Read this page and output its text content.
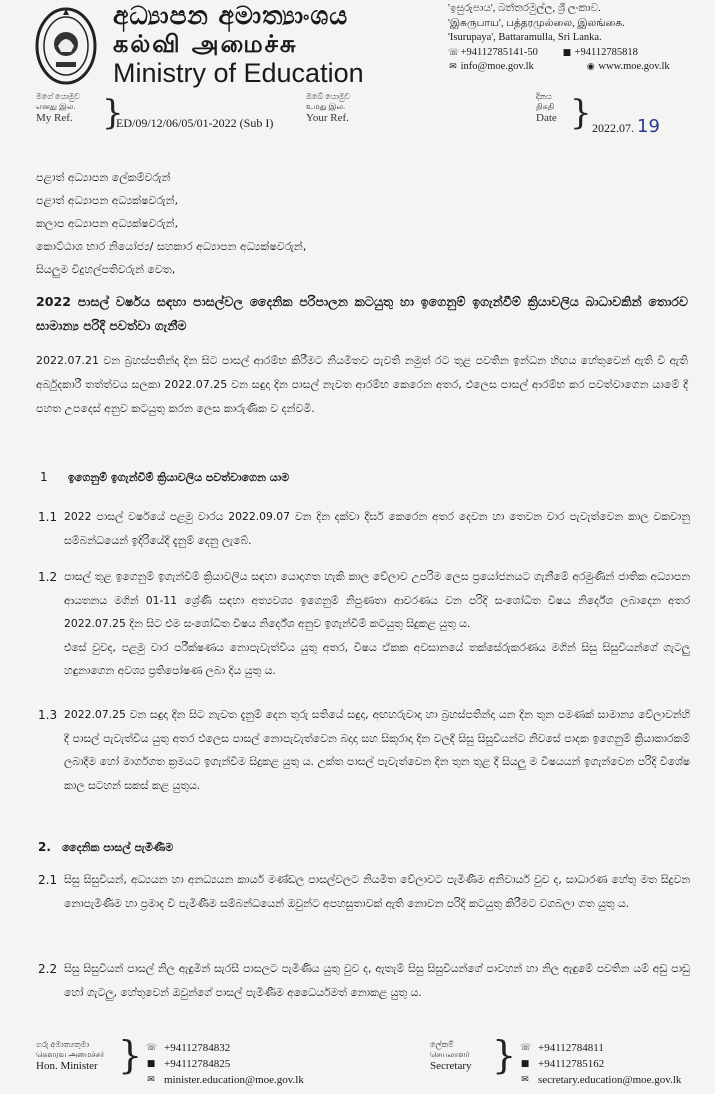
අධ්‍යාපන අමාත්‍යාංශය
கல்வி அமைச்சு
Ministry of Education
'ඉසුරුපාය', බත්තරමුල්ල, ශ්‍රී ලංකාව.
'இசுருபாய', பத்தரமுல்லை, இலங்கை.
'Isurupaya', Battaramulla, Sri Lanka.
☏ +94112785141-50	■ +94112785818
✉ info@moe.gov.lk	◉ www.moe.gov.lk
මගේ යොමුව
எனது இல.
My Ref. }
ED/09/12/06/05/01-2022 (Sub I)
ඔබේ යොමුව
உமது இல.
Your Ref.
දිනය
திகதி
Date } 2022.07. 19
පළාත් අධ්‍යාපන ලේකම්වරුන්
පළාත් අධ්‍යාපන අධ්‍යක්ෂවරුන්,
කලාප අධ්‍යාපන අධ්‍යක්ෂවරුන්,
කොට්ඨාශ භාර නියෝජ්‍ය/ සහකාර අධ්‍යාපන අධ්‍යක්ෂවරුන්,
සියලුම විදුහල්පතිවරුන් වෙත,
2022 පාසල් වර්ෂය සඳහා පාසල්වල දෛනික පරිපාලන කටයුතු හා ඉගෙනුම් ඉගැන්වීම් ක්‍රියාවලිය බාධාවකින් තොරව සාමාන්‍ය පරිදි පවත්වා ගැනීම
2022.07.21 වන බ්‍රහස්පතින්දා දින සිට පාසල් ආරම්භ කිරීමට නියමිතව පැවති නමුත් රට තුළ පවතින ඉන්ධන හිඟය හේතුවෙන් ඇති වී ඇති අර්බුදකාරී තත්ත්වය සලකා 2022.07.25 වන සඳුදා දින පාසල් නැවත ආරම්භ කෙරෙන අතර, එලෙස පාසල් ආරම්භ කර පවත්වාගෙන යාමේ දී පහත උපදෙස් අනුව කටයුතු කරන ලෙස කාරුණික ව දන්වමි.
1 ඉගෙනුම් ඉගැන්වීම් ක්‍රියාවලිය පවත්වාගෙන යාම
1.1 2022 පාසල් වර්ෂයේ පළමු වාරය 2022.09.07 වන දින දක්වා දීර්ඝ කෙරෙන අතර දෙවන හා තෙවන වාර පැවැත්වෙන කාල වකවානු සම්බන්ධයෙන් ඉදිරියේදී දැනුම් දෙනු ලැබේ.
1.2 පාසල් තුළ ඉගෙනුම් ඉගැන්වීම් ක්‍රියාවලිය සඳහා යොදාගත හැකි කාල වේලාව උපරිම ලෙස ප්‍රයෝජනයට ගැනීමේ අරමුණින් ජාතික අධ්‍යාපන ආයතනය මගින් 01-11 ශ්‍රේණි සඳහා අත්‍යවශ්‍ය ඉගෙනුම් නිපුණතා ආවරණය වන පරිදි සංශෝධිත විෂය නිර්දේශ ලබාදෙන අතර 2022.07.25 දින සිට එම සංශෝධිත විෂය නිර්දේශ අනුව ඉගැන්වීම් කටයුතු සිදුකළ යුතු ය.

එසේ වුවද, පළමු වාර පරීක්ෂණය නොපැවැත්විය යුතු අතර, විෂය ඒකක අවසානයේ තක්සේරුකරණය මගින් සිසු සිසුවියන්ගේ ගැටලු හඳුනාගෙන අවශ්‍ය ප්‍රතිපෝෂණ ලබා දිය යුතු ය.

1.3 2022.07.25 වන සඳුදා දින සිට නැවත දැනුම් දෙන තුරු සතියේ සඳුදා, අඟහරුවාදා හා බ්‍රහස්පතින්දා යන දින තුන පමණක් සාමාන්‍ය වේලාවන්හි දී පාසල් පැවැත්විය යුතු අතර එලෙස පාසල් නොපැවැත්වෙන බදාදා සහ සිකුරාදා දින වලදී සිසු සිසුවියන්ට නිවසේ පාදක ඉගෙනුම් ක්‍රියාකාරකම් ලබාදීම හෝ මාර්ගගත ක්‍රමයට ඉගැන්වීම සිදුකළ යුතු ය. උක්ත පාසල් පැවැත්වෙන දින තුන තුළ දී සියලු ම විෂයයන් ඉගැන්වෙන පරිදි විශේෂ කාල සටහන් සකස් කළ යුතුය.
2. දෛනික පාසල් පැමිණීම
2.1 සිසු සිසුවියන්, අධ්‍යයන හා අනධ්‍යයන කාර්ය මණ්ඩල පාසල්වලට නියමිත වේලාවට පැමිණීම අනිවාර්ය වුව ද, සාධාරණ හේතු මත සිදුවන නොපැමිණීම හා ප්‍රමාද වී පැමිණීම සම්බන්ධයෙන් ඔවුන්ට අපහසුතාවක් ඇති නොවන පරිදි කටයුතු කිරීමට වගබලා ගත යුතු ය.
2.2 සිසු සිසුවියන් පාසල් නිල ඇඳුමින් සැරසී පාසලට පැමිණිය යුතු වුව ද, ඇතැම් සිසු සිසුවියන්ගේ පාවහන් හා නිල ඇඳුමේ පවතින යම් අඩු පාඩු හෝ ගැටලු, හේතුවෙන් ඔවුන්ගේ පාසල් පැමිණීම අධෛර්යමත් නොකළ යුතු ය.
ගරු අමාත්‍යතුමා
கௌரவ அமைச்சர்
Hon. Minister } ☏ +94112784832
■ +94112784825
✉ minister.education@moe.gov.lk
ලේකම්
செயலாளர்
Secretary } ☏ +94112784811
■ +94112785162
✉ secretary.education@moe.gov.lk
